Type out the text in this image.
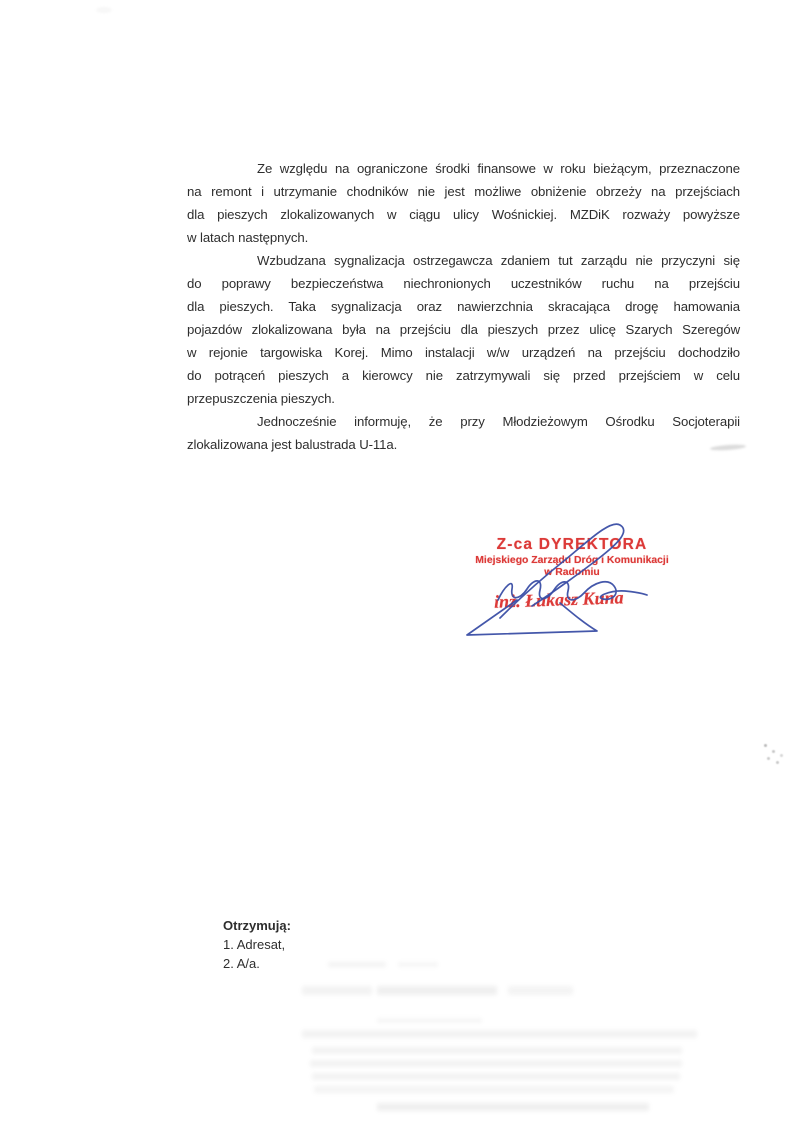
Ze względu na ograniczone środki finansowe w roku bieżącym, przeznaczone
na remont i utrzymanie chodników nie jest możliwe obniżenie obrzeży na przejściach
dla pieszych zlokalizowanych w ciągu ulicy Wośnickiej. MZDiK rozważy powyższe
w latach następnych.

Wzbudzana sygnalizacja ostrzegawcza zdaniem tut zarządu nie przyczyni się
do poprawy bezpieczeństwa niechronionych uczestników ruchu na przejściu
dla pieszych. Taka sygnalizacja oraz nawierzchnia skracająca drogę hamowania
pojazdów zlokalizowana była na przejściu dla pieszych przez ulicę Szarych Szeregów
w rejonie targowiska Korej. Mimo instalacji w/w urządzeń na przejściu dochodziło
do potrąceń pieszych a kierowcy nie zatrzymywali się przed przejściem w celu
przepuszczenia pieszych.

Jednocześnie informuję, że przy Młodzieżowym Ośrodku Socjoterapii
zlokalizowana jest balustrada U-11a.

Z-ca DYREKTORA
Miejskiego Zarządu Dróg i Komunikacji
w Radomiu
inż. Łukasz Kuna
Otrzymują:
1. Adresat,
2. A/a.
